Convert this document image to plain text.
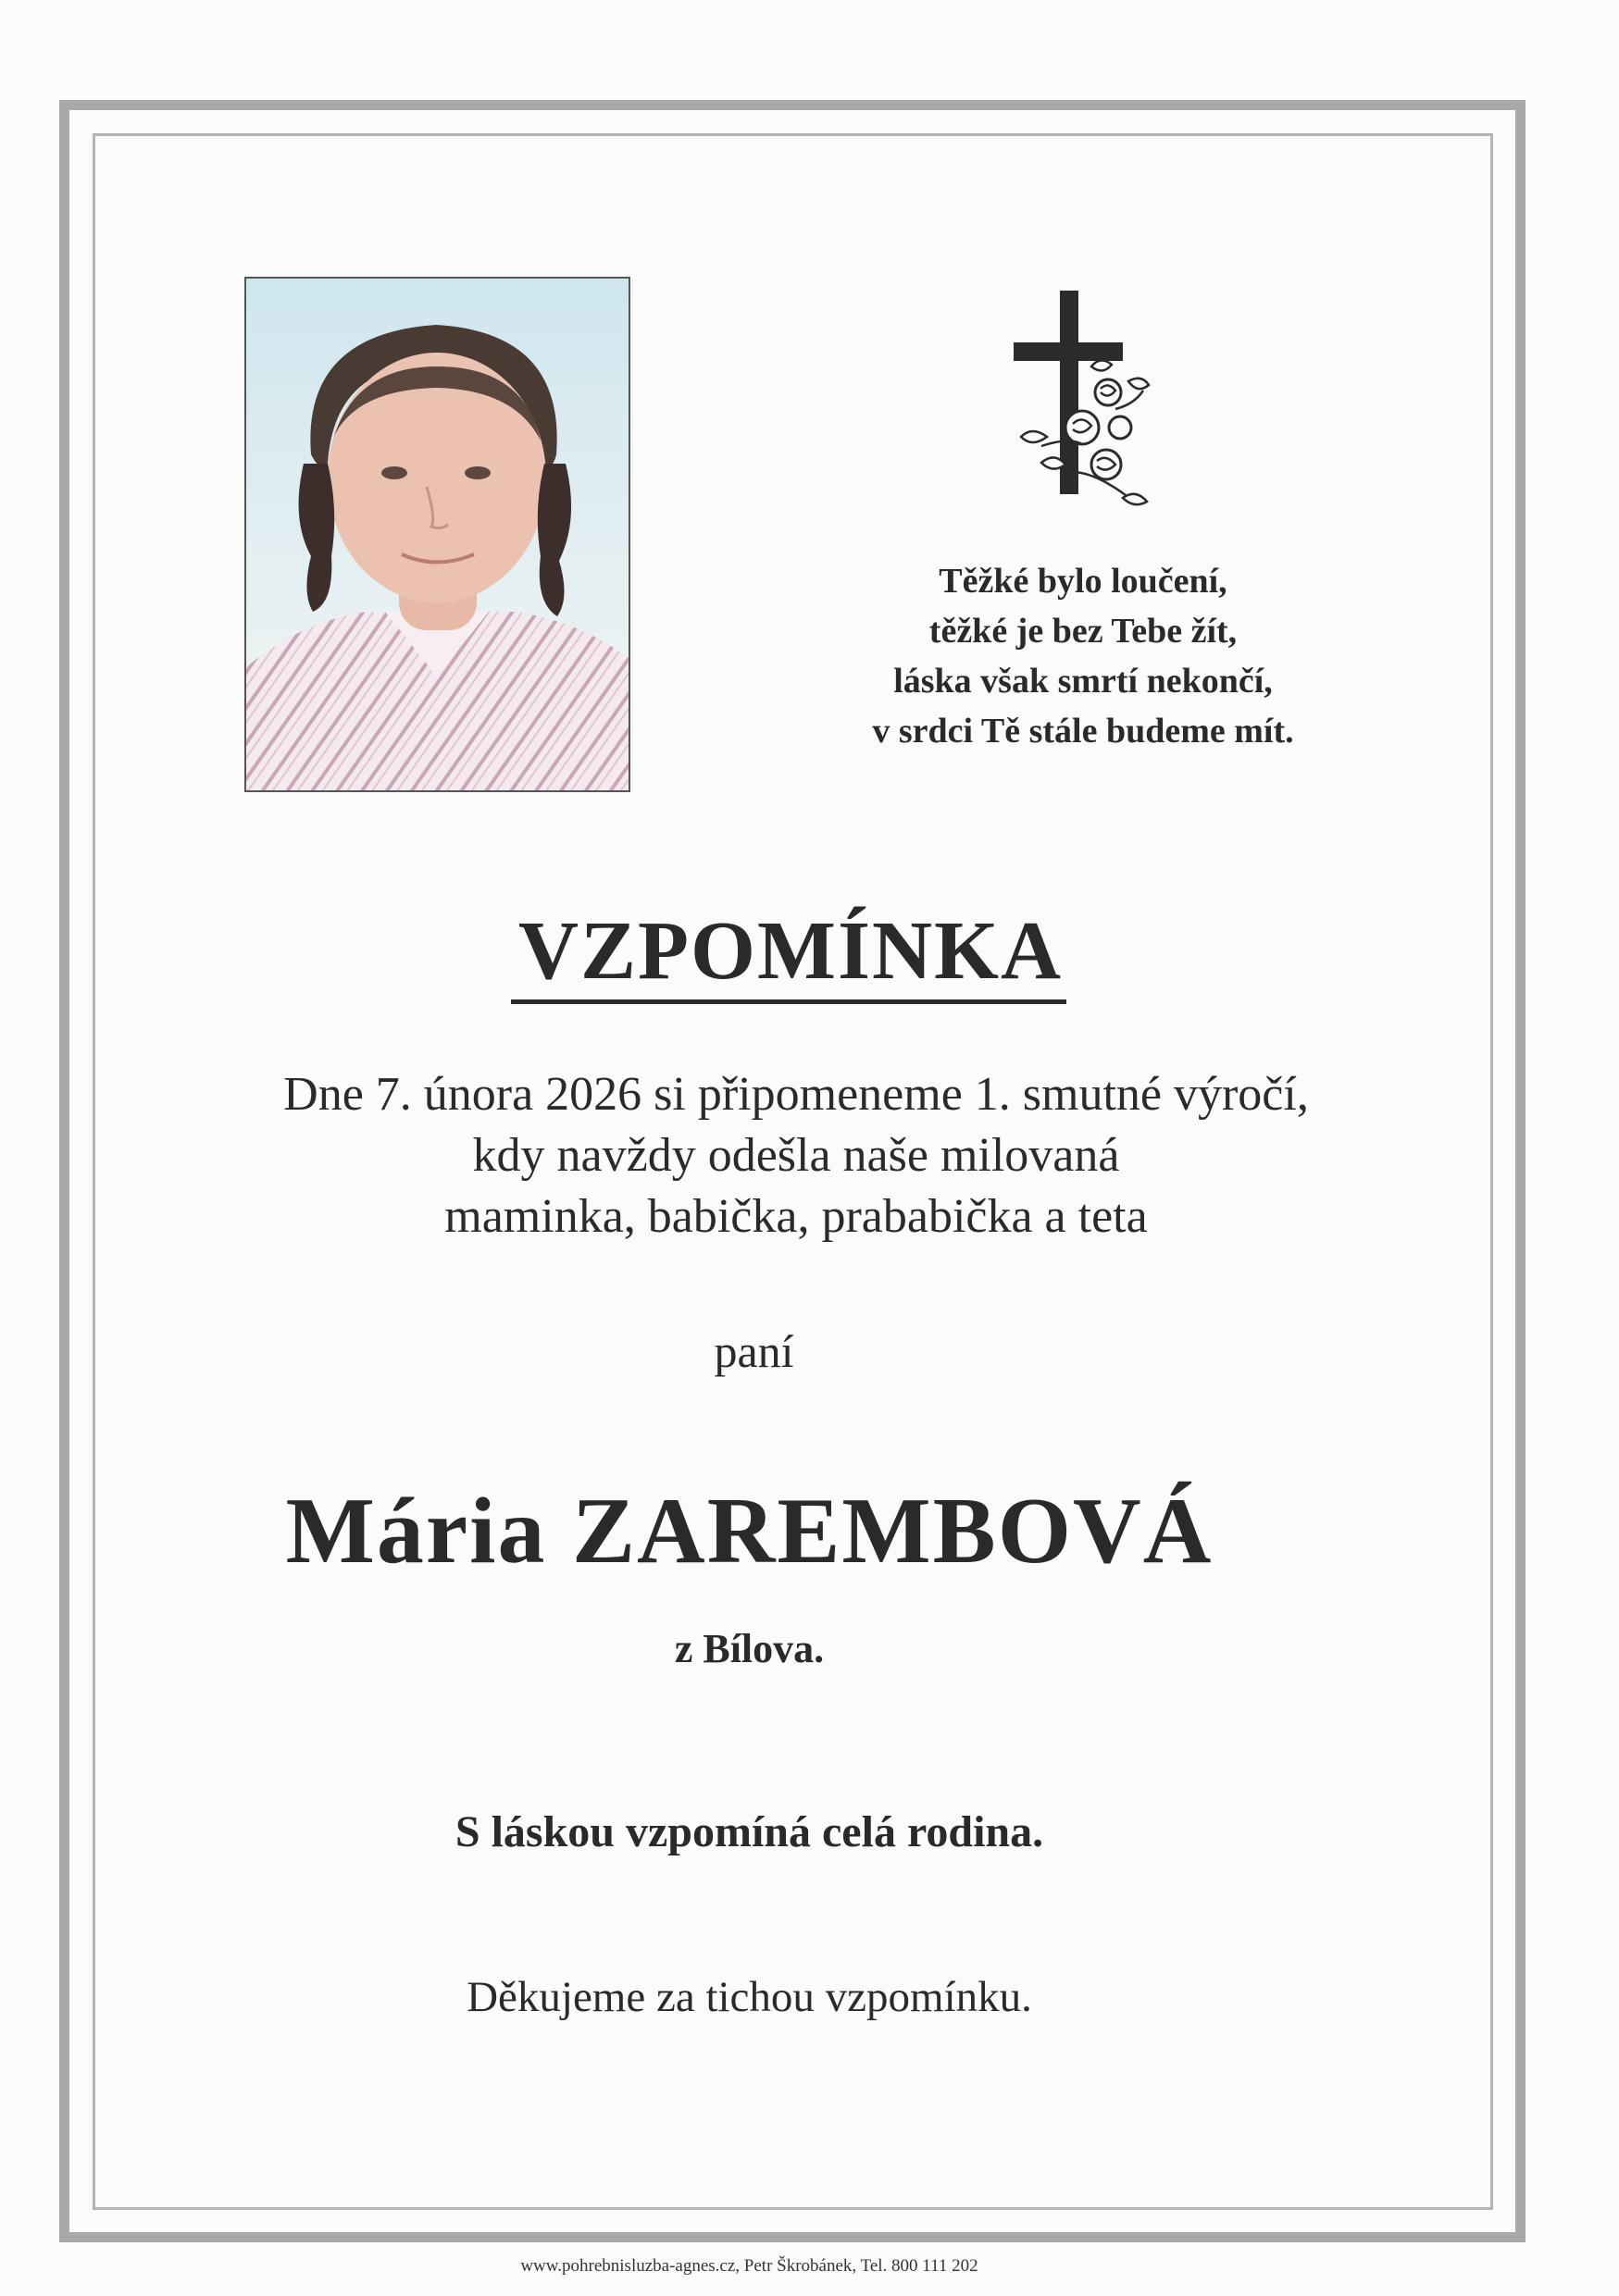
Těžké bylo loučení,
těžké je bez Tebe žít,
láska však smrtí nekončí,
v srdci Tě stále budeme mít.
VZPOMÍNKA
Dne 7. února 2026 si připomeneme 1. smutné výročí,
kdy navždy odešla naše milovaná
maminka, babička, prababička a teta
paní
Mária ZAREMBOVÁ
z Bílova.
S láskou vzpomíná celá rodina.
Děkujeme za tichou vzpomínku.
www.pohrebnisluzba-agnes.cz, Petr Škrobánek, Tel. 800 111 202
